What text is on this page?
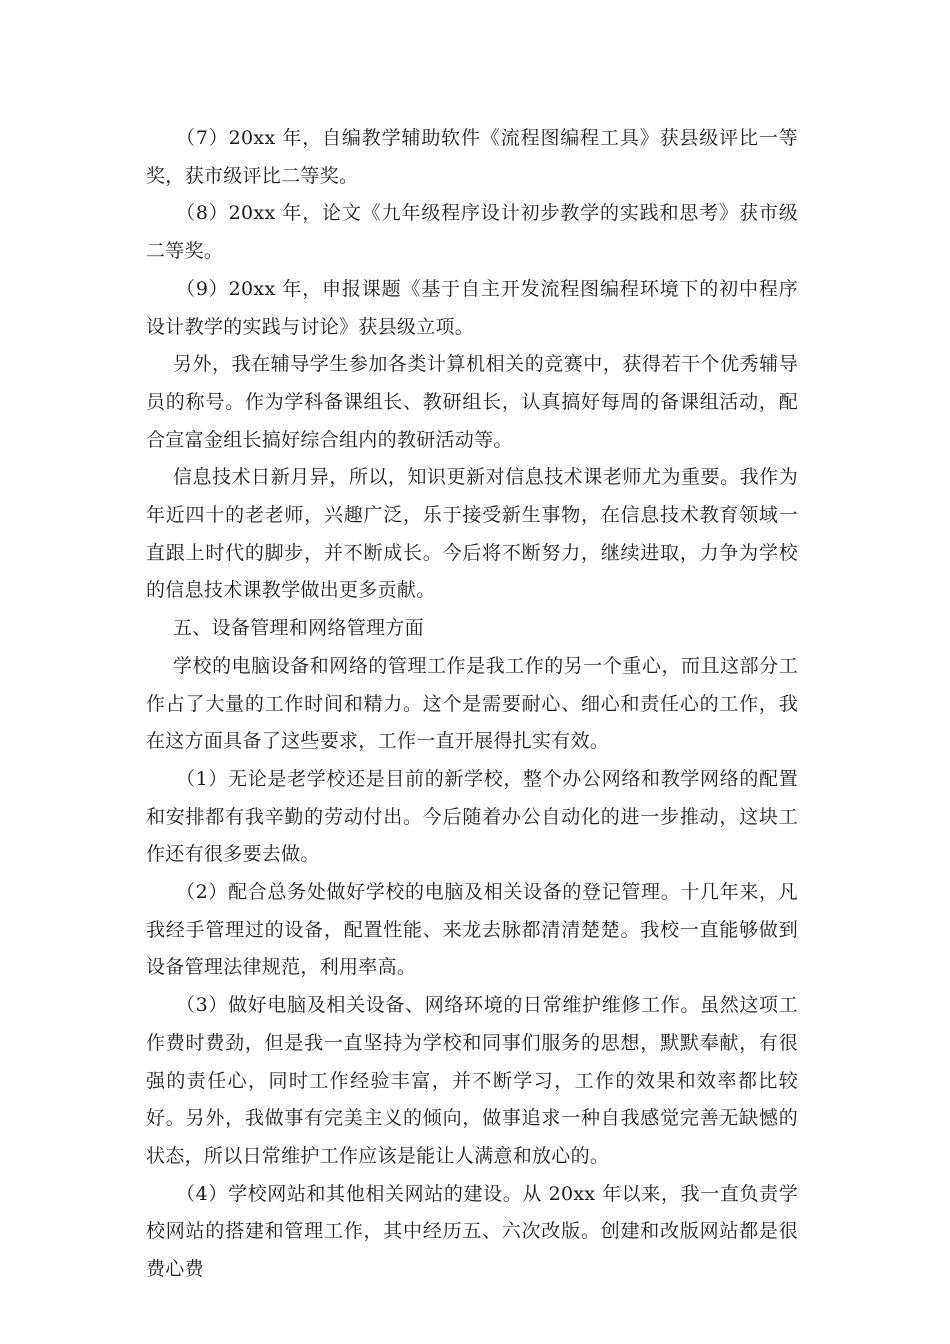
（7）20xx 年，自编教学辅助软件《流程图编程工具》获县级评比一等奖，获市级评比二等奖。

（8）20xx 年，论文《九年级程序设计初步教学的实践和思考》获市级二等奖。

（9）20xx 年，申报课题《基于自主开发流程图编程环境下的初中程序设计教学的实践与讨论》获县级立项。

另外，我在辅导学生参加各类计算机相关的竞赛中，获得若干个优秀辅导员的称号。作为学科备课组长、教研组长，认真搞好每周的备课组活动，配合宣富金组长搞好综合组内的教研活动等。

信息技术日新月异，所以，知识更新对信息技术课老师尤为重要。我作为年近四十的老老师，兴趣广泛，乐于接受新生事物，在信息技术教育领域一直跟上时代的脚步，并不断成长。今后将不断努力，继续进取，力争为学校的信息技术课教学做出更多贡献。

五、设备管理和网络管理方面

学校的电脑设备和网络的管理工作是我工作的另一个重心，而且这部分工作占了大量的工作时间和精力。这个是需要耐心、细心和责任心的工作，我在这方面具备了这些要求，工作一直开展得扎实有效。

（1）无论是老学校还是目前的新学校，整个办公网络和教学网络的配置和安排都有我辛勤的劳动付出。今后随着办公自动化的进一步推动，这块工作还有很多要去做。

（2）配合总务处做好学校的电脑及相关设备的登记管理。十几年来，凡我经手管理过的设备，配置性能、来龙去脉都清清楚楚。我校一直能够做到设备管理法律规范，利用率高。

（3）做好电脑及相关设备、网络环境的日常维护维修工作。虽然这项工作费时费劲，但是我一直坚持为学校和同事们服务的思想，默默奉献，有很强的责任心，同时工作经验丰富，并不断学习，工作的效果和效率都比较好。另外，我做事有完美主义的倾向，做事追求一种自我感觉完善无缺憾的状态，所以日常维护工作应该是能让人满意和放心的。

（4）学校网站和其他相关网站的建设。从 20xx 年以来，我一直负责学校网站的搭建和管理工作，其中经历五、六次改版。创建和改版网站都是很费心费
